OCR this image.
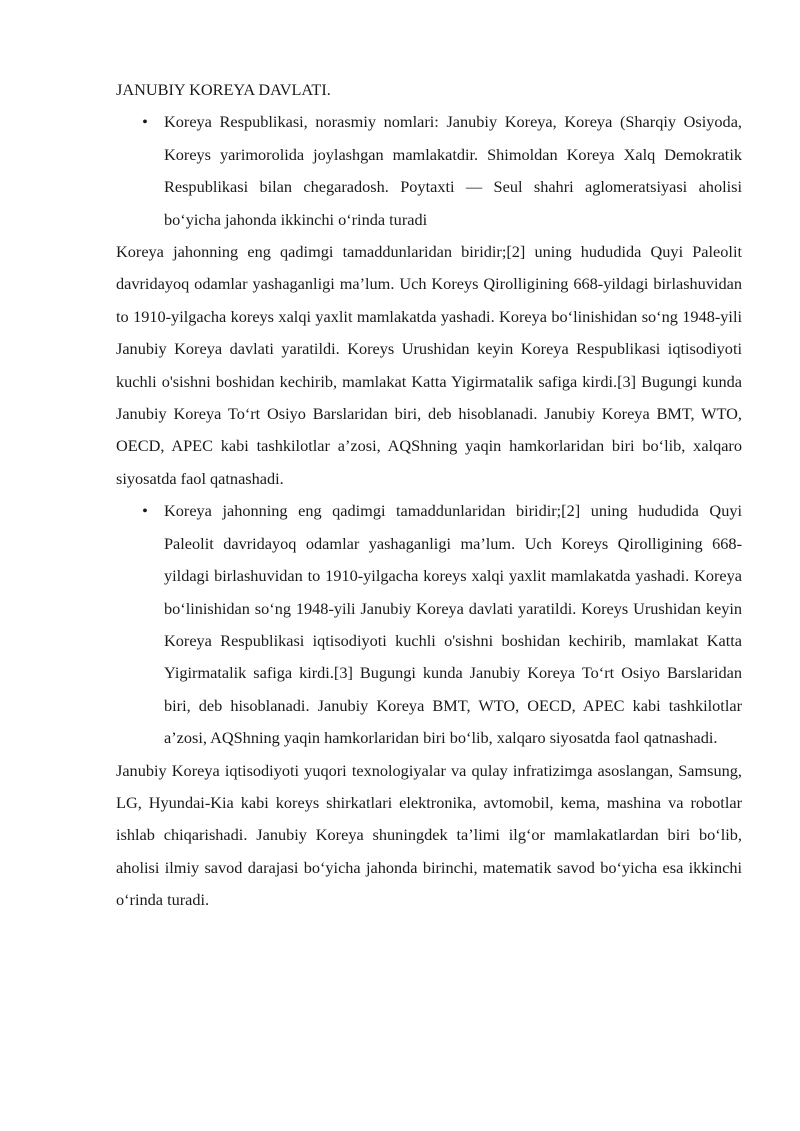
JANUBIY KOREYA DAVLATI.
• Koreya Respublikasi, norasmiy nomlari: Janubiy Koreya, Koreya (Sharqiy Osiyoda, Koreys yarimorolida joylashgan mamlakatdir. Shimoldan Koreya Xalq Demokratik Respublikasi bilan chegaradosh. Poytaxti — Seul shahri aglomeratsiyasi aholisi boʻyicha jahonda ikkinchi oʻrinda turadi

Koreya jahonning eng qadimgi tamaddunlaridan biridir;[2] uning hududida Quyi Paleolit davridayoq odamlar yashaganligi maʼlum. Uch Koreys Qirolligining 668-yildagi birlashuvidan to 1910-yilgacha koreys xalqi yaxlit mamlakatda yashadi. Koreya boʻlinishidan soʻng 1948-yili Janubiy Koreya davlati yaratildi. Koreys Urushidan keyin Koreya Respublikasi iqtisodiyoti kuchli o'sishni boshidan kechirib, mamlakat Katta Yigirmatalik safiga kirdi.[3] Bugungi kunda Janubiy Koreya Toʻrt Osiyo Barslaridan biri, deb hisoblanadi. Janubiy Koreya BMT, WTO, OECD, APEC kabi tashkilotlar aʼzosi, AQShning yaqin hamkorlaridan biri boʻlib, xalqaro siyosatda faol qatnashadi.

• Koreya jahonning eng qadimgi tamaddunlaridan biridir;[2] uning hududida Quyi Paleolit davridayoq odamlar yashaganligi maʼlum. Uch Koreys Qirolligining 668-yildagi birlashuvidan to 1910-yilgacha koreys xalqi yaxlit mamlakatda yashadi. Koreya boʻlinishidan soʻng 1948-yili Janubiy Koreya davlati yaratildi. Koreys Urushidan keyin Koreya Respublikasi iqtisodiyoti kuchli o'sishni boshidan kechirib, mamlakat Katta Yigirmatalik safiga kirdi.[3] Bugungi kunda Janubiy Koreya Toʻrt Osiyo Barslaridan biri, deb hisoblanadi. Janubiy Koreya BMT, WTO, OECD, APEC kabi tashkilotlar aʼzosi, AQShning yaqin hamkorlaridan biri boʻlib, xalqaro siyosatda faol qatnashadi.

Janubiy Koreya iqtisodiyoti yuqori texnologiyalar va qulay infratizimga asoslangan, Samsung, LG, Hyundai-Kia kabi koreys shirkatlari elektronika, avtomobil, kema, mashina va robotlar ishlab chiqarishadi. Janubiy Koreya shuningdek taʼlimi ilgʻor mamlakatlardan biri boʻlib, aholisi ilmiy savod darajasi boʻyicha jahonda birinchi, matematik savod boʻyicha esa ikkinchi oʻrinda turadi.
